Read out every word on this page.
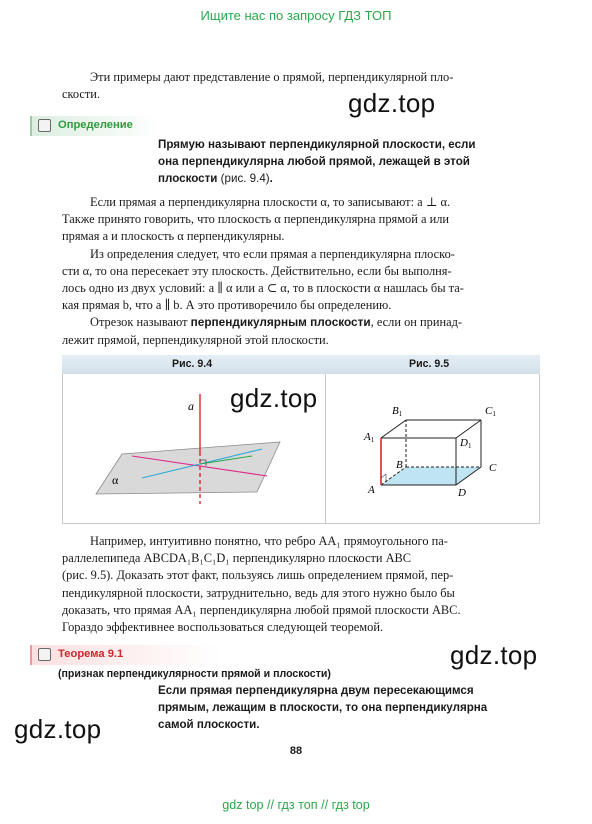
Ищите нас по запросу ГДЗ ТОП
Эти примеры дают представление о прямой, перпендикулярной пло-
скости.	gdz.top
Определение
Прямую называют перпендикулярной плоскости, если
она перпендикулярна любой прямой, лежащей в этой
плоскости (рис. 9.4).
Если прямая a перпендикулярна плоскости α, то записывают: a ⊥ α.
Также принято говорить, что плоскость α перпендикулярна прямой a или
прямая a и плоскость α перпендикулярны.
Из определения следует, что если прямая a перпендикулярна плоско-
сти α, то она пересекает эту плоскость. Действительно, если бы выполня-
лось одно из двух условий: a ∥ α или a ⊂ α, то в плоскости α нашлась бы та-
кая прямая b, что a ∥ b. А это противоречило бы определению.
Отрезок называют перпендикулярным плоскости, если он принад-
лежит прямой, перпендикулярной этой плоскости.
Рис. 9.4	Рис. 9.5
a
α
B1	C1
A1	D1
B	C
A	D
gdz.top
Например, интуитивно понятно, что ребро AA₁ прямоугольного па-
раллелепипеда ABCDA₁B₁C₁D₁ перпендикулярно плоскости ABC
(рис. 9.5). Доказать этот факт, пользуясь лишь определением прямой, пер-
пендикулярной плоскости, затруднительно, ведь для этого нужно было бы
доказать, что прямая AA₁ перпендикулярна любой прямой плоскости ABC.
Гораздо эффективнее воспользоваться следующей теоремой.
Теорема 9.1
(признак перпендикулярности прямой и плоскости)
gdz.top
Если прямая перпендикулярна двум пересекающимся
прямым, лежащим в плоскости, то она перпендикулярна
самой плоскости.
gdz.top
88
gdz top // гдз топ // гдз top
